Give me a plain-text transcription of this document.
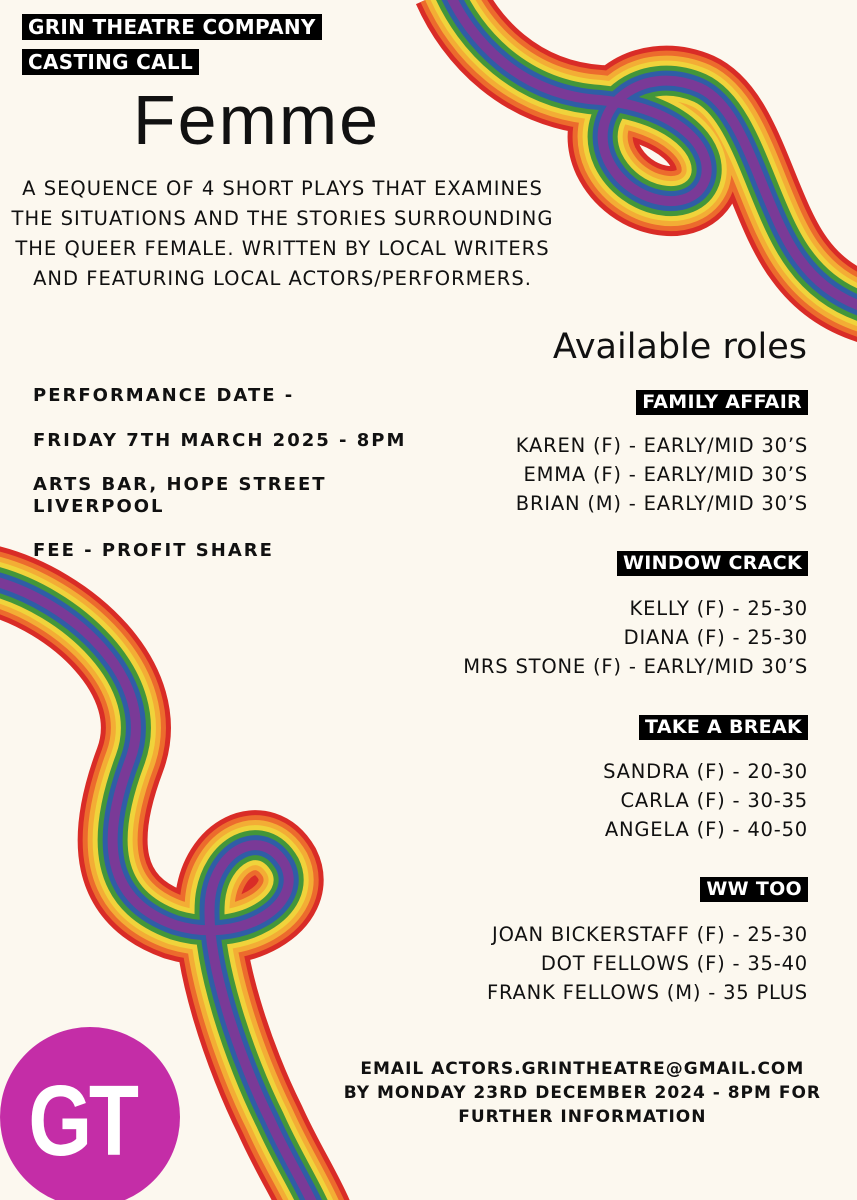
GRIN THEATRE COMPANY
CASTING CALL
Femme

A SEQUENCE OF 4 SHORT PLAYS THAT EXAMINES THE SITUATIONS AND THE STORIES SURROUNDING THE QUEER FEMALE. WRITTEN BY LOCAL WRITERS AND FEATURING LOCAL ACTORS/PERFORMERS.

PERFORMANCE DATE -
FRIDAY 7TH MARCH 2025 - 8PM
ARTS BAR, HOPE STREET LIVERPOOL
FEE - PROFIT SHARE
Available roles
FAMILY AFFAIR
KAREN (F) - EARLY/MID 30’S
EMMA (F) - EARLY/MID 30’S
BRIAN (M) - EARLY/MID 30’S
WINDOW CRACK
KELLY (F) - 25-30
DIANA (F) - 25-30
MRS STONE (F) - EARLY/MID 30’S
TAKE A BREAK
SANDRA (F) - 20-30
CARLA (F) - 30-35
ANGELA (F) - 40-50
WW TOO
JOAN BICKERSTAFF (F) - 25-30
DOT FELLOWS (F) - 35-40
FRANK FELLOWS (M) - 35 PLUS
EMAIL ACTORS.GRINTHEATRE@GMAIL.COM
BY MONDAY 23RD DECEMBER 2024 - 8PM FOR
FURTHER INFORMATION
GT
